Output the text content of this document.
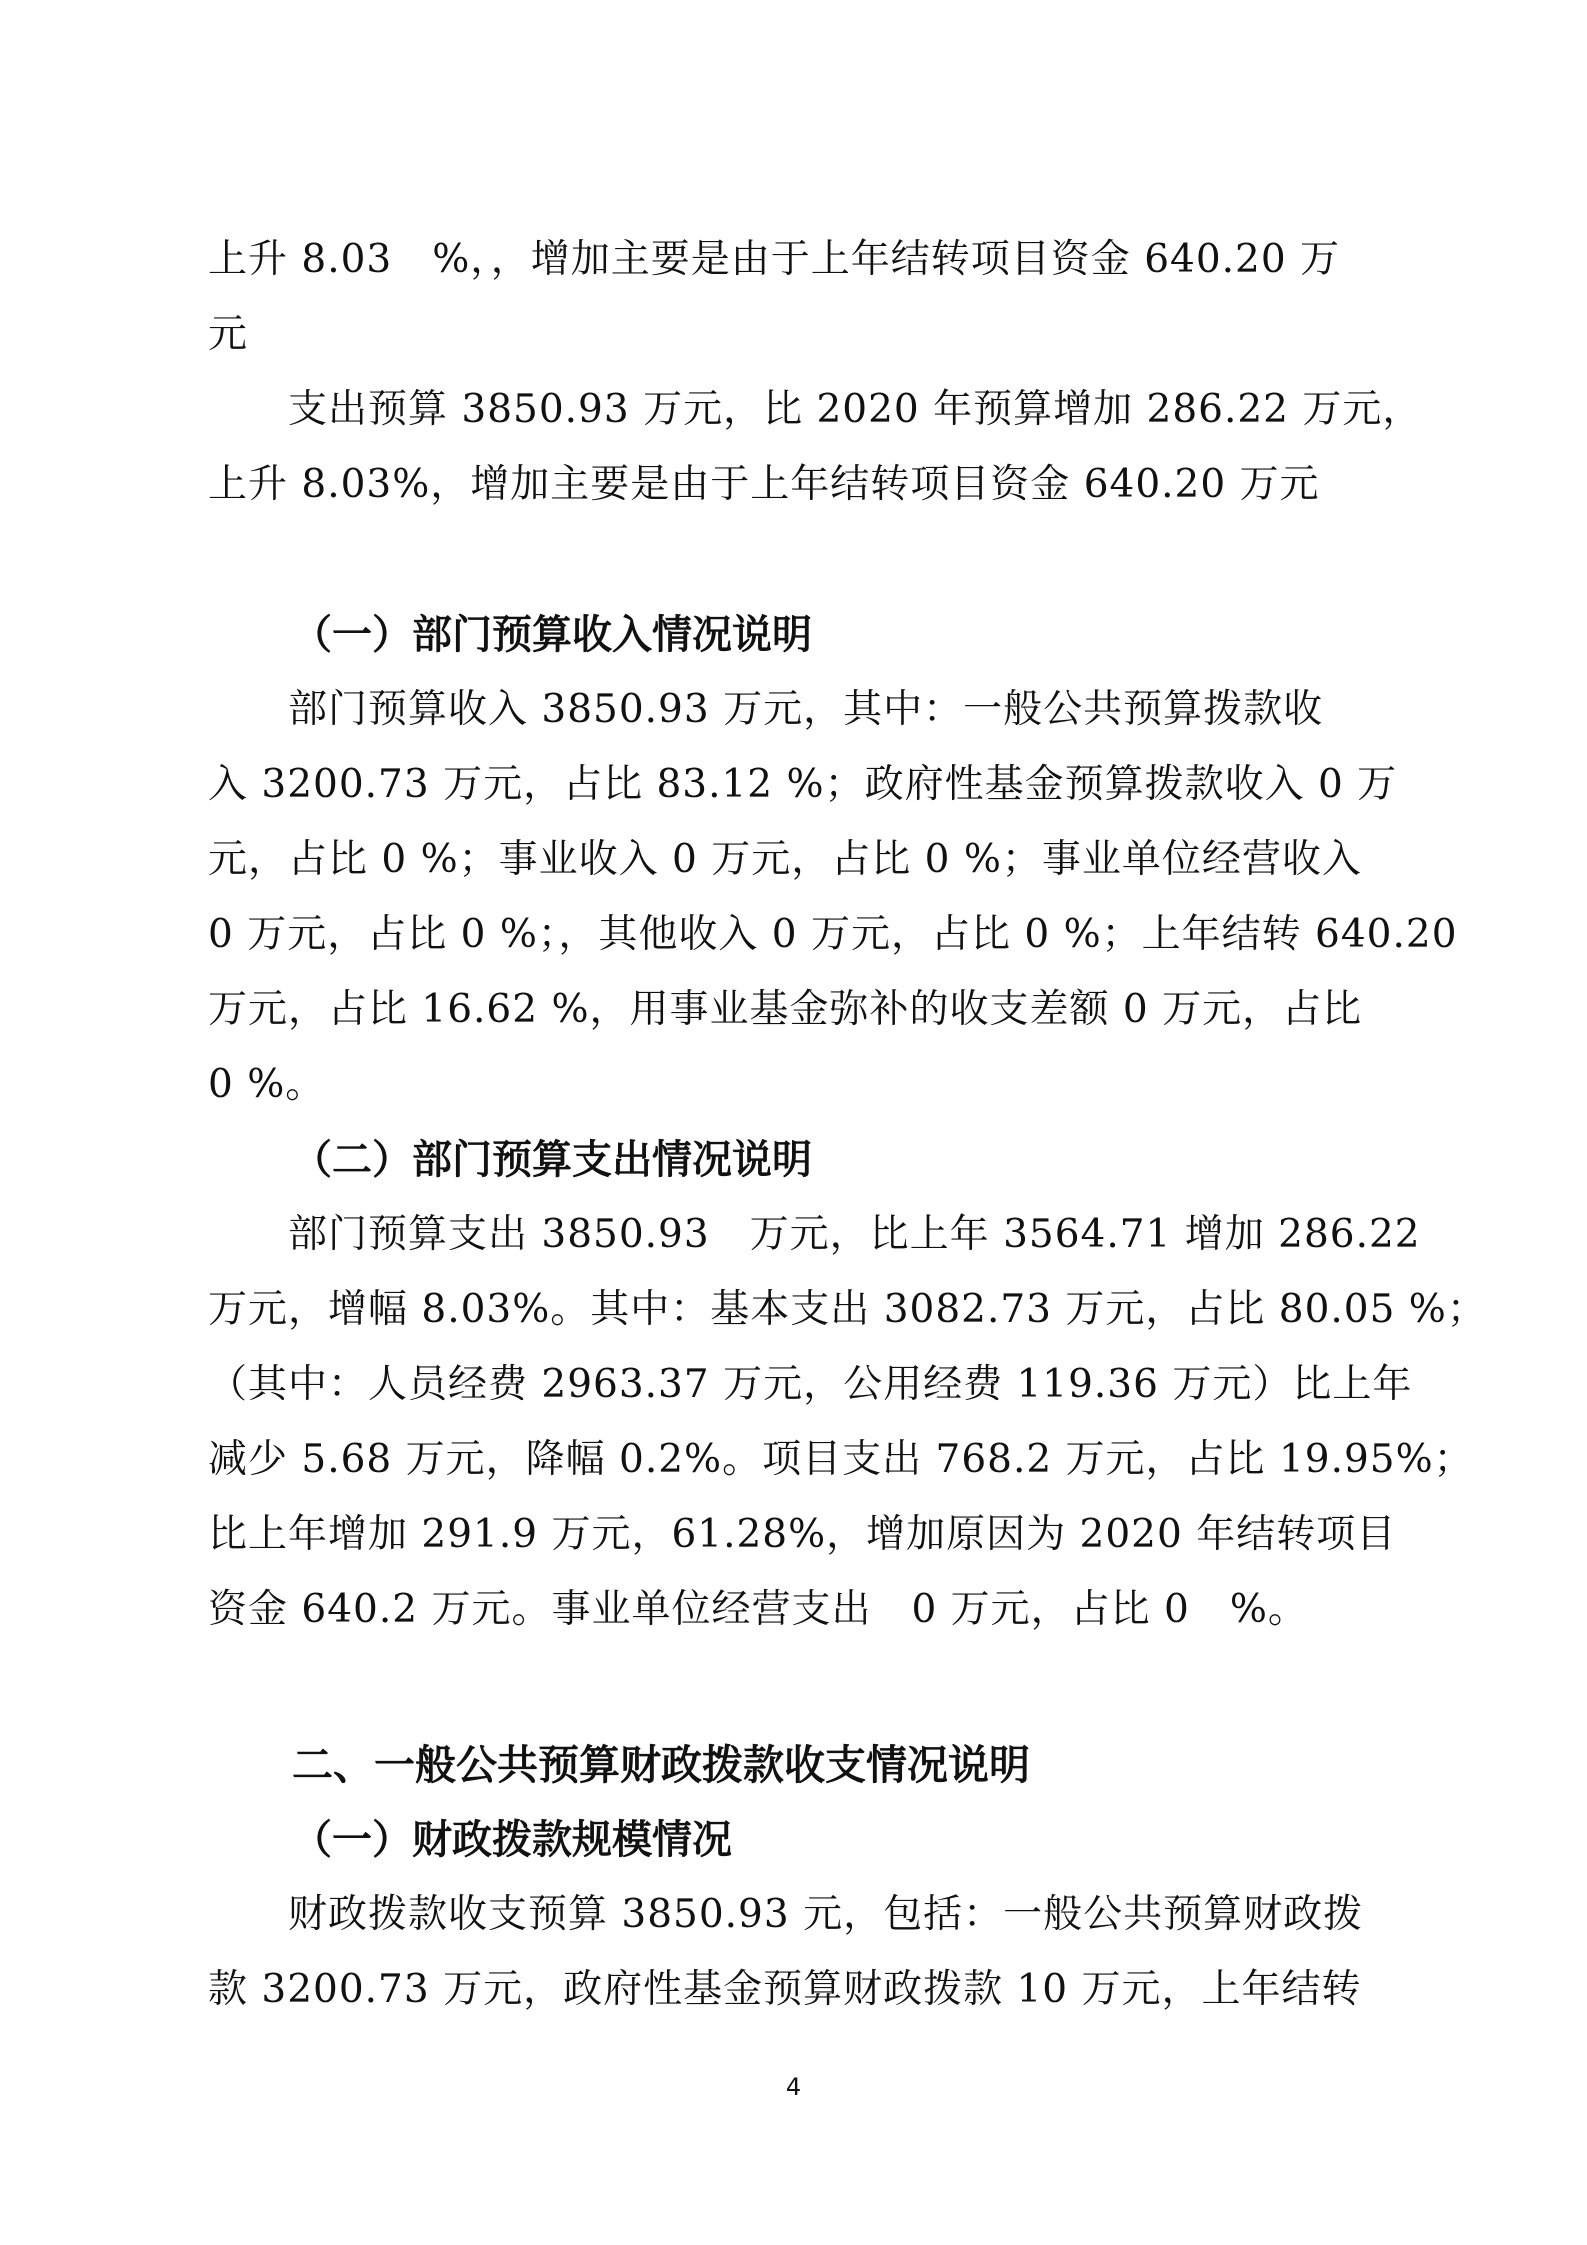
上升 8.03　%，，增加主要是由于上年结转项目资金 640.20 万
元
　　支出预算 3850.93 万元，比 2020 年预算增加 286.22 万元，
上升 8.03%，增加主要是由于上年结转项目资金 640.20 万元
（一）部门预算收入情况说明
　　部门预算收入 3850.93 万元，其中：一般公共预算拨款收
入 3200.73 万元，占比 83.12 %；政府性基金预算拨款收入 0 万
元，占比 0 %；事业收入 0 万元，占比 0 %；事业单位经营收入
0 万元，占比 0 %；，其他收入 0 万元，占比 0 %；上年结转 640.20
万元，占比 16.62 %，用事业基金弥补的收支差额 0 万元，占比
0 %。
（二）部门预算支出情况说明
　　部门预算支出 3850.93　万元，比上年 3564.71 增加 286.22
万元，增幅 8.03%。其中：基本支出 3082.73 万元，占比 80.05 %；
（其中：人员经费 2963.37 万元，公用经费 119.36 万元）比上年
减少 5.68 万元，降幅 0.2%。项目支出 768.2 万元，占比 19.95%；
比上年增加 291.9 万元，61.28%，增加原因为 2020 年结转项目
资金 640.2 万元。事业单位经营支出　0 万元，占比 0　%。
二、一般公共预算财政拨款收支情况说明
（一）财政拨款规模情况
　　财政拨款收支预算 3850.93 元，包括：一般公共预算财政拨
款 3200.73 万元，政府性基金预算财政拨款 10 万元，上年结转
4
